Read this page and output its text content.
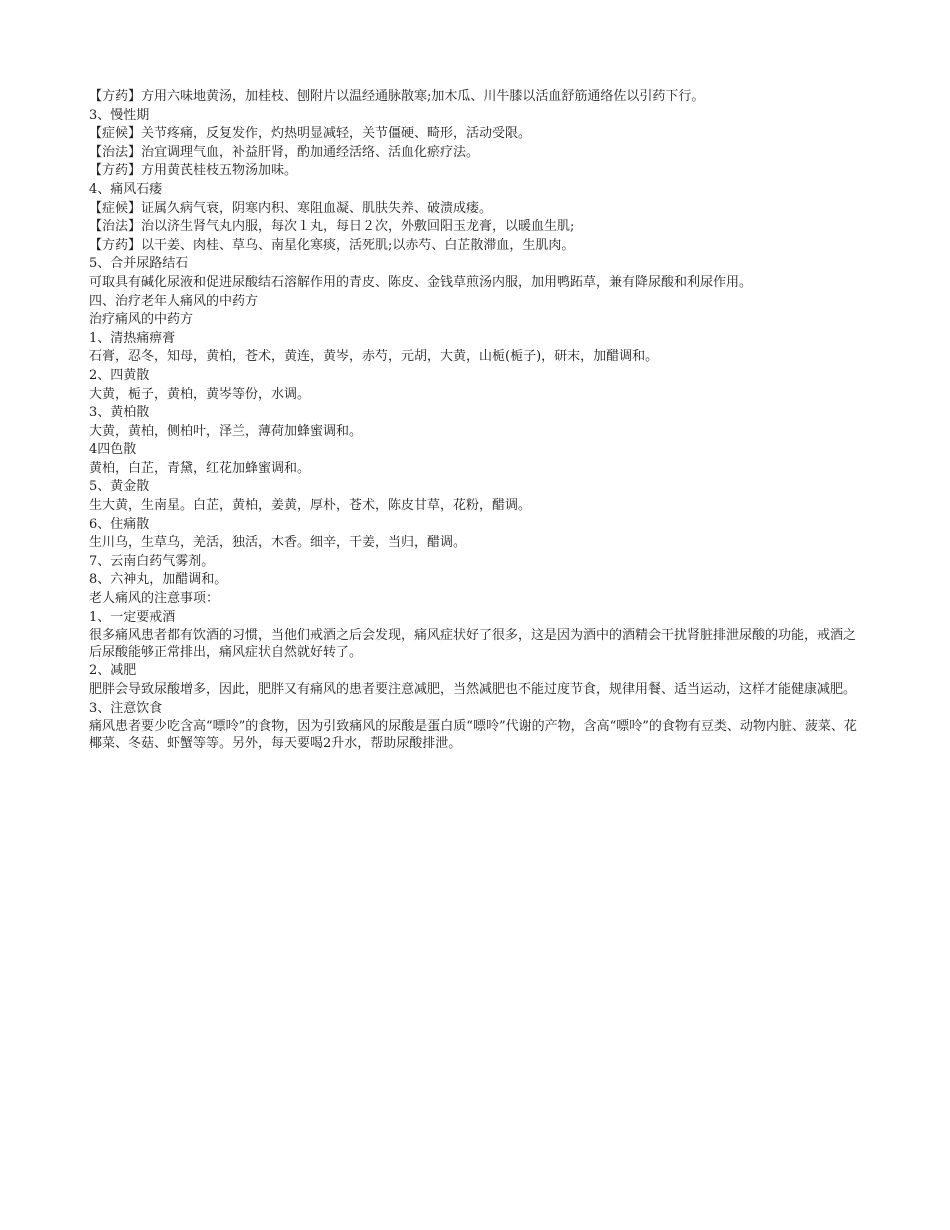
【方药】方用六味地黄汤，加桂枝、刨附片以温经通脉散寒;加木瓜、川牛膝以活血舒筋通络佐以引药下行。
3、慢性期
【症候】关节疼痛，反复发作，灼热明显减轻，关节僵硬、畸形，活动受限。
【治法】治宜调理气血，补益肝肾，酌加通经活络、活血化瘀疗法。
【方药】方用黄芪桂枝五物汤加味。
4、痛风石瘘
【症候】证属久病气衰，阴寒内积、寒阻血凝、肌肤失养、破溃成瘘。
【治法】治以济生肾气丸内服，每次１丸，每日２次，外敷回阳玉龙膏，以暖血生肌;
【方药】以干姜、肉桂、草乌、南星化寒痰，活死肌;以赤芍、白芷散滞血，生肌肉。
5、合并尿路结石
可取具有碱化尿液和促进尿酸结石溶解作用的青皮、陈皮、金钱草煎汤内服，加用鸭跖草，兼有降尿酸和利尿作用。
四、治疗老年人痛风的中药方
治疗痛风的中药方
1、清热痛痹膏
石膏，忍冬，知母，黄柏，苍术，黄连，黄岑，赤芍，元胡，大黄，山栀(栀子)，研末，加醋调和。
2、四黄散
大黄，栀子，黄柏，黄岑等份，水调。
3、黄柏散
大黄，黄柏，侧柏叶，泽兰，薄荷加蜂蜜调和。
4四色散
黄柏，白芷，青黛，红花加蜂蜜调和。
5、黄金散
生大黄，生南星。白芷，黄柏，姜黄，厚朴，苍术，陈皮甘草，花粉，醋调。
6、住痛散
生川乌，生草乌，羌活，独活，木香。细辛，干姜，当归，醋调。
7、云南白药气雾剂。
8、六神丸，加醋调和。
老人痛风的注意事项：
1、一定要戒酒
很多痛风患者都有饮酒的习惯，当他们戒酒之后会发现，痛风症状好了很多，这是因为酒中的酒精会干扰肾脏排泄尿酸的功能，戒酒之后尿酸能够正常排出，痛风症状自然就好转了。
2、减肥
肥胖会导致尿酸增多，因此，肥胖又有痛风的患者要注意减肥，当然减肥也不能过度节食，规律用餐、适当运动，这样才能健康减肥。
3、注意饮食
痛风患者要少吃含高“嘌呤”的食物，因为引致痛风的尿酸是蛋白质“嘌呤”代谢的产物，含高“嘌呤”的食物有豆类、动物内脏、菠菜、花椰菜、冬菇、虾蟹等等。另外，每天要喝2升水，帮助尿酸排泄。
